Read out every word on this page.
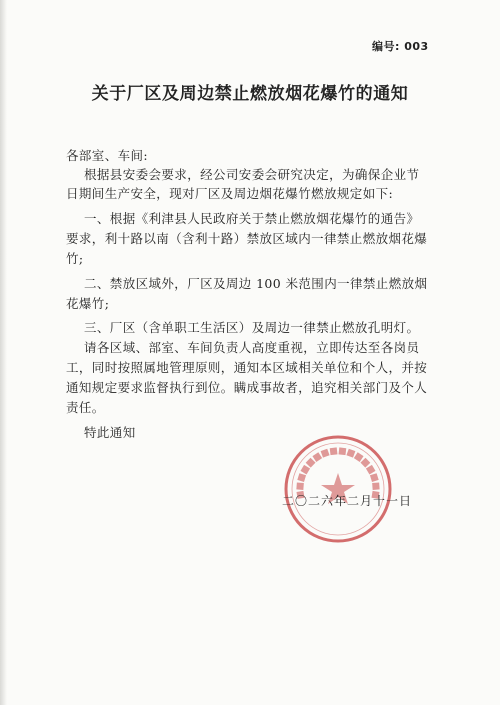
编号: 003
关于厂区及周边禁止燃放烟花爆竹的通知
各部室、车间:
根据县安委会要求，经公司安委会研究决定，为确保企业节
日期间生产安全，现对厂区及周边烟花爆竹燃放规定如下:
一、根据《利津县人民政府关于禁止燃放烟花爆竹的通告》
要求，利十路以南（含利十路）禁放区域内一律禁止燃放烟花爆
竹;
二、禁放区域外，厂区及周边 100 米范围内一律禁止燃放烟
花爆竹;
三、厂区（含单职工生活区）及周边一律禁止燃放孔明灯。
请各区域、部室、车间负责人高度重视，立即传达至各岗员
工，同时按照属地管理原则，通知本区域相关单位和个人，并按
通知规定要求监督执行到位。瞒成事故者，追究相关部门及个人
责任。
特此通知
二〇二六年二月十一日
